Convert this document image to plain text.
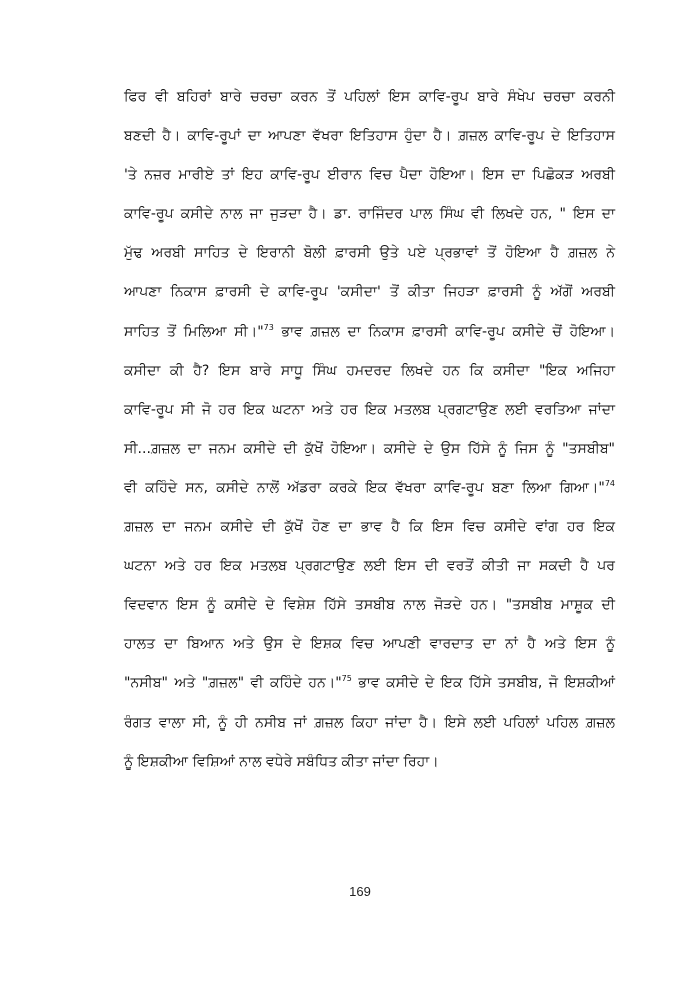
ਫਿਰ ਵੀ ਬਹਿਰਾਂ ਬਾਰੇ ਚਰਚਾ ਕਰਨ ਤੋਂ ਪਹਿਲਾਂ ਇਸ ਕਾਵਿ-ਰੂਪ ਬਾਰੇ ਸੰਖੇਪ ਚਰਚਾ ਕਰਨੀ
ਬਣਦੀ ਹੈ। ਕਾਵਿ-ਰੂਪਾਂ ਦਾ ਆਪਣਾ ਵੱਖਰਾ ਇਤਿਹਾਸ ਹੁੰਦਾ ਹੈ। ਗ਼ਜ਼ਲ ਕਾਵਿ-ਰੂਪ ਦੇ ਇਤਿਹਾਸ
'ਤੇ ਨਜ਼ਰ ਮਾਰੀਏ ਤਾਂ ਇਹ ਕਾਵਿ-ਰੂਪ ਈਰਾਨ ਵਿਚ ਪੈਦਾ ਹੋਇਆ। ਇਸ ਦਾ ਪਿਛੋਕੜ ਅਰਬੀ
ਕਾਵਿ-ਰੂਪ ਕਸੀਦੇ ਨਾਲ ਜਾ ਜੁੜਦਾ ਹੈ। ਡਾ. ਰਾਜਿੰਦਰ ਪਾਲ ਸਿੰਘ ਵੀ ਲਿਖਦੇ ਹਨ, " ਇਸ ਦਾ
ਮੁੱਢ ਅਰਬੀ ਸਾਹਿਤ ਦੇ ਇਰਾਨੀ ਬੋਲੀ ਫ਼ਾਰਸੀ ਉਤੇ ਪਏ ਪ੍ਰਭਾਵਾਂ ਤੋਂ ਹੋਇਆ ਹੈ ਗ਼ਜ਼ਲ ਨੇ
ਆਪਣਾ ਨਿਕਾਸ ਫ਼ਾਰਸੀ ਦੇ ਕਾਵਿ-ਰੂਪ 'ਕਸੀਦਾ' ਤੋਂ ਕੀਤਾ ਜਿਹੜਾ ਫ਼ਾਰਸੀ ਨੂੰ ਅੱਗੋਂ ਅਰਬੀ
ਸਾਹਿਤ ਤੋਂ ਮਿਲਿਆ ਸੀ।"$^{73}$ ਭਾਵ ਗ਼ਜ਼ਲ ਦਾ ਨਿਕਾਸ ਫ਼ਾਰਸੀ ਕਾਵਿ-ਰੂਪ ਕਸੀਦੇ ਚੋਂ ਹੋਇਆ।
ਕਸੀਦਾ ਕੀ ਹੈ? ਇਸ ਬਾਰੇ ਸਾਧੂ ਸਿੰਘ ਹਮਦਰਦ ਲਿਖਦੇ ਹਨ ਕਿ ਕਸੀਦਾ "ਇਕ ਅਜਿਹਾ
ਕਾਵਿ-ਰੂਪ ਸੀ ਜੋ ਹਰ ਇਕ ਘਟਨਾ ਅਤੇ ਹਰ ਇਕ ਮਤਲਬ ਪ੍ਰਗਟਾਉਣ ਲਈ ਵਰਤਿਆ ਜਾਂਦਾ
ਸੀ...ਗ਼ਜ਼ਲ ਦਾ ਜਨਮ ਕਸੀਦੇ ਦੀ ਕੁੱਖੋਂ ਹੋਇਆ। ਕਸੀਦੇ ਦੇ ਉਸ ਹਿੱਸੇ ਨੂੰ ਜਿਸ ਨੂੰ "ਤਸਬੀਬ"
ਵੀ ਕਹਿੰਦੇ ਸਨ, ਕਸੀਦੇ ਨਾਲੋਂ ਅੱਡਰਾ ਕਰਕੇ ਇਕ ਵੱਖਰਾ ਕਾਵਿ-ਰੂਪ ਬਣਾ ਲਿਆ ਗਿਆ।"$^{74}$
ਗ਼ਜ਼ਲ ਦਾ ਜਨਮ ਕਸੀਦੇ ਦੀ ਕੁੱਖੋਂ ਹੋਣ ਦਾ ਭਾਵ ਹੈ ਕਿ ਇਸ ਵਿਚ ਕਸੀਦੇ ਵਾਂਗ ਹਰ ਇਕ
ਘਟਨਾ ਅਤੇ ਹਰ ਇਕ ਮਤਲਬ ਪ੍ਰਗਟਾਉਣ ਲਈ ਇਸ ਦੀ ਵਰਤੋਂ ਕੀਤੀ ਜਾ ਸਕਦੀ ਹੈ ਪਰ
ਵਿਦਵਾਨ ਇਸ ਨੂੰ ਕਸੀਦੇ ਦੇ ਵਿਸ਼ੇਸ਼ ਹਿੱਸੇ ਤਸਬੀਬ ਨਾਲ ਜੋੜਦੇ ਹਨ। "ਤਸਬੀਬ ਮਾਸ਼ੂਕ ਦੀ
ਹਾਲਤ ਦਾ ਬਿਆਨ ਅਤੇ ਉਸ ਦੇ ਇਸ਼ਕ ਵਿਚ ਆਪਣੀ ਵਾਰਦਾਤ ਦਾ ਨਾਂ ਹੈ ਅਤੇ ਇਸ ਨੂੰ
"ਨਸੀਬ" ਅਤੇ "ਗ਼ਜ਼ਲ" ਵੀ ਕਹਿੰਦੇ ਹਨ।"$^{75}$ ਭਾਵ ਕਸੀਦੇ ਦੇ ਇਕ ਹਿੱਸੇ ਤਸਬੀਬ, ਜੋ ਇਸ਼ਕੀਆਂ
ਰੰਗਤ ਵਾਲਾ ਸੀ, ਨੂੰ ਹੀ ਨਸੀਬ ਜਾਂ ਗ਼ਜ਼ਲ ਕਿਹਾ ਜਾਂਦਾ ਹੈ। ਇਸੇ ਲਈ ਪਹਿਲਾਂ ਪਹਿਲ ਗ਼ਜ਼ਲ
ਨੂੰ ਇਸ਼ਕੀਆ ਵਿਸ਼ਿਆਂ ਨਾਲ ਵਧੇਰੇ ਸਬੰਧਿਤ ਕੀਤਾ ਜਾਂਦਾ ਰਿਹਾ।
169
